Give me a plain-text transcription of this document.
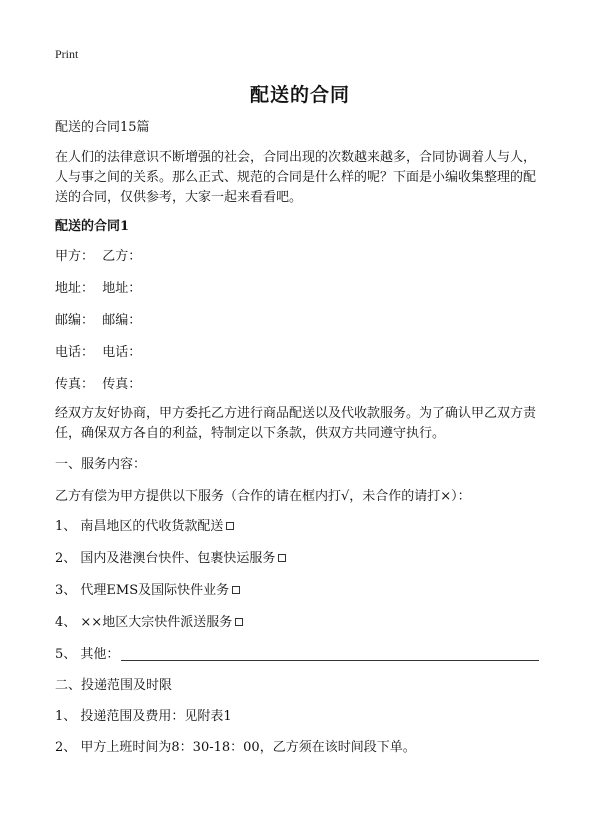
Print
配送的合同
配送的合同15篇
在人们的法律意识不断增强的社会，合同出现的次数越来越多，合同协调着人与人，人与事之间的关系。那么正式、规范的合同是什么样的呢？下面是小编收集整理的配送的合同，仅供参考，大家一起来看看吧。
配送的合同1
甲方：  乙方：
地址：  地址：
邮编：  邮编：
电话：  电话：
传真：  传真：
经双方友好协商，甲方委托乙方进行商品配送以及代收款服务。为了确认甲乙双方责任，确保双方各自的利益，特制定以下条款，供双方共同遵守执行。
一、服务内容：
乙方有偿为甲方提供以下服务（合作的请在框内打√，未合作的请打×）：
1、 南昌地区的代收货款配送
2、 国内及港澳台快件、包裹快运服务
3、 代理EMS及国际快件业务
4、 ××地区大宗快件派送服务
5、 其他：
二、投递范围及时限
1、 投递范围及费用：见附表1
2、 甲方上班时间为8：30-18：00，乙方须在该时间段下单。
